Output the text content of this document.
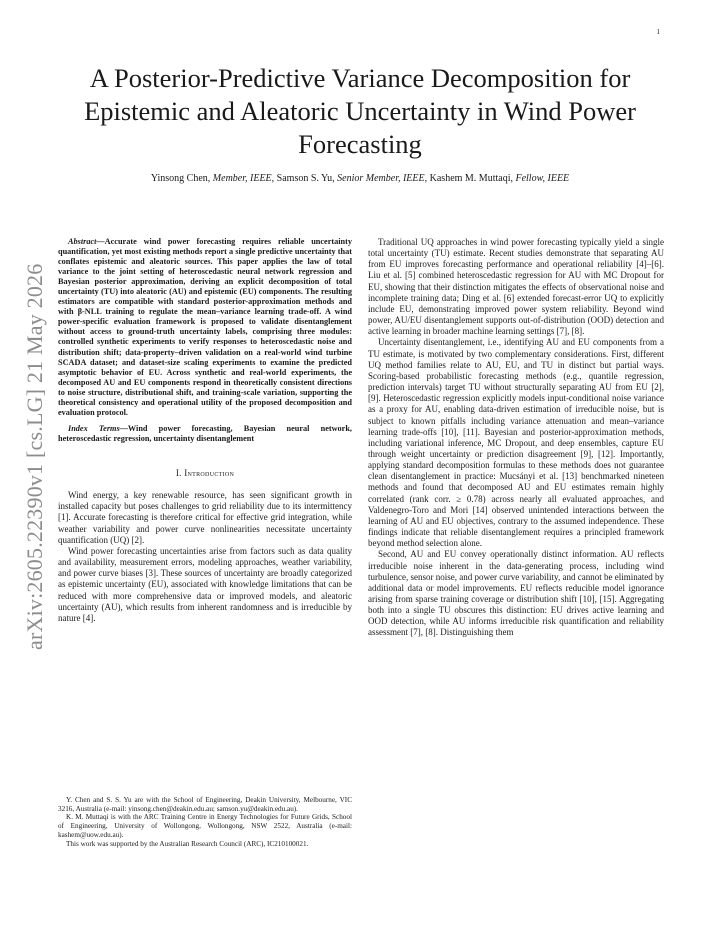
1
arXiv:2605.22390v1 [cs.LG] 21 May 2026
A Posterior-Predictive Variance Decomposition for Epistemic and Aleatoric Uncertainty in Wind Power Forecasting
Yinsong Chen, Member, IEEE, Samson S. Yu, Senior Member, IEEE, Kashem M. Muttaqi, Fellow, IEEE

Abstract—Accurate wind power forecasting requires reliable uncertainty quantification, yet most existing methods report a single predictive uncertainty that conflates epistemic and aleatoric sources. This paper applies the law of total variance to the joint setting of heteroscedastic neural network regression and Bayesian posterior approximation, deriving an explicit decomposition of total uncertainty (TU) into aleatoric (AU) and epistemic (EU) components. The resulting estimators are compatible with standard posterior-approximation methods and with β-NLL training to regulate the mean–variance learning trade-off. A wind power-specific evaluation framework is proposed to validate disentanglement without access to ground-truth uncertainty labels, comprising three modules: controlled synthetic experiments to verify responses to heteroscedastic noise and distribution shift; data-property–driven validation on a real-world wind turbine SCADA dataset; and dataset-size scaling experiments to examine the predicted asymptotic behavior of EU. Across synthetic and real-world experiments, the decomposed AU and EU components respond in theoretically consistent directions to noise structure, distributional shift, and training-scale variation, supporting the theoretical consistency and operational utility of the proposed decomposition and evaluation protocol.

Index Terms—Wind power forecasting, Bayesian neural network, heteroscedastic regression, uncertainty disentanglement

I. Introduction

Wind energy, a key renewable resource, has seen significant growth in installed capacity but poses challenges to grid reliability due to its intermittency [1]. Accurate forecasting is therefore critical for effective grid integration, while weather variability and power curve nonlinearities necessitate uncertainty quantification (UQ) [2].

Wind power forecasting uncertainties arise from factors such as data quality and availability, measurement errors, modeling approaches, weather variability, and power curve biases [3]. These sources of uncertainty are broadly categorized as epistemic uncertainty (EU), associated with knowledge limitations that can be reduced with more comprehensive data or improved models, and aleatoric uncertainty (AU), which results from inherent randomness and is irreducible by nature [4].

Y. Chen and S. S. Yu are with the School of Engineering, Deakin University, Melbourne, VIC 3216, Australia (e-mail: yinsong.chen@deakin.edu.au; samson.yu@deakin.edu.au).

K. M. Muttaqi is with the ARC Training Centre in Energy Technologies for Future Grids, School of Engineering, University of Wollongong, Wollongong, NSW 2522, Australia (e-mail: kashem@uow.edu.au).

This work was supported by the Australian Research Council (ARC), IC210100021.

Traditional UQ approaches in wind power forecasting typically yield a single total uncertainty (TU) estimate. Recent studies demonstrate that separating AU from EU improves forecasting performance and operational reliability [4]–[6]. Liu et al. [5] combined heteroscedastic regression for AU with MC Dropout for EU, showing that their distinction mitigates the effects of observational noise and incomplete training data; Ding et al. [6] extended forecast-error UQ to explicitly include EU, demonstrating improved power system reliability. Beyond wind power, AU/EU disentanglement supports out-of-distribution (OOD) detection and active learning in broader machine learning settings [7], [8].

Uncertainty disentanglement, i.e., identifying AU and EU components from a TU estimate, is motivated by two complementary considerations. First, different UQ method families relate to AU, EU, and TU in distinct but partial ways. Scoring-based probabilistic forecasting methods (e.g., quantile regression, prediction intervals) target TU without structurally separating AU from EU [2], [9]. Heteroscedastic regression explicitly models input-conditional noise variance as a proxy for AU, enabling data-driven estimation of irreducible noise, but is subject to known pitfalls including variance attenuation and mean–variance learning trade-offs [10], [11]. Bayesian and posterior-approximation methods, including variational inference, MC Dropout, and deep ensembles, capture EU through weight uncertainty or prediction disagreement [9], [12]. Importantly, applying standard decomposition formulas to these methods does not guarantee clean disentanglement in practice: Mucsányi et al. [13] benchmarked nineteen methods and found that decomposed AU and EU estimates remain highly correlated (rank corr. ≥ 0.78) across nearly all evaluated approaches, and Valdenegro-Toro and Mori [14] observed unintended interactions between the learning of AU and EU objectives, contrary to the assumed independence. These findings indicate that reliable disentanglement requires a principled framework beyond method selection alone.

Second, AU and EU convey operationally distinct information. AU reflects irreducible noise inherent in the data-generating process, including wind turbulence, sensor noise, and power curve variability, and cannot be eliminated by additional data or model improvements. EU reflects reducible model ignorance arising from sparse training coverage or distribution shift [10], [15]. Aggregating both into a single TU obscures this distinction: EU drives active learning and OOD detection, while AU informs irreducible risk quantification and reliability assessment [7], [8]. Distinguishing them
